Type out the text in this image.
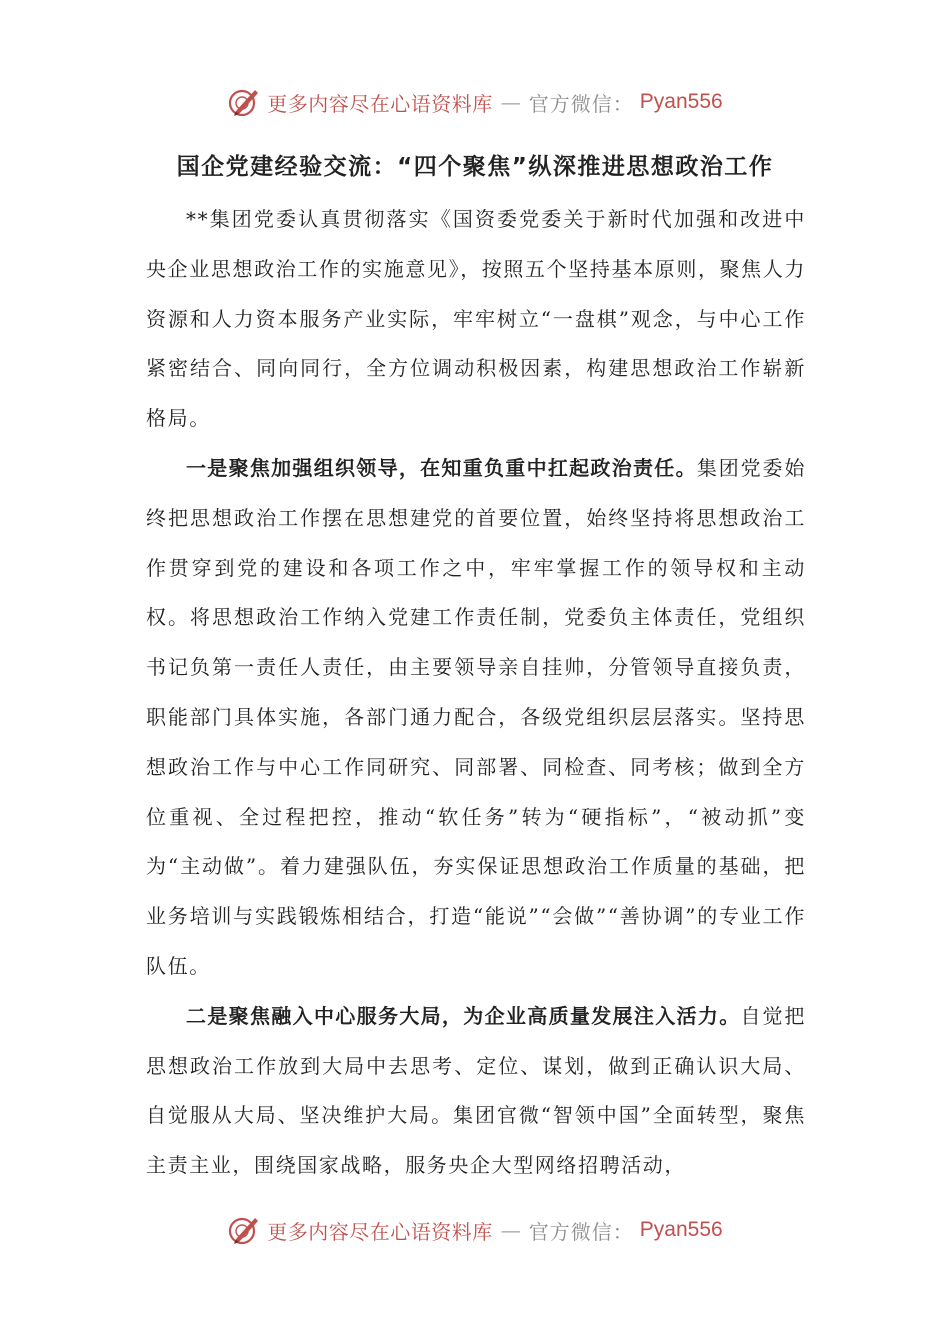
更多内容尽在心语资料库 — 官方微信： Pyan556
国企党建经验交流：“四个聚焦”纵深推进思想政治工作

**集团党委认真贯彻落实《国资委党委关于新时代加强和改进中央企业思想政治工作的实施意见》，按照五个坚持基本原则，聚焦人力资源和人力资本服务产业实际，牢牢树立“一盘棋”观念，与中心工作紧密结合、同向同行，全方位调动积极因素，构建思想政治工作崭新格局。

一是聚焦加强组织领导，在知重负重中扛起政治责任。集团党委始终把思想政治工作摆在思想建党的首要位置，始终坚持将思想政治工作贯穿到党的建设和各项工作之中，牢牢掌握工作的领导权和主动权。将思想政治工作纳入党建工作责任制，党委负主体责任，党组织书记负第一责任人责任，由主要领导亲自挂帅，分管领导直接负责，职能部门具体实施，各部门通力配合，各级党组织层层落实。坚持思想政治工作与中心工作同研究、同部署、同检查、同考核；做到全方位重视、全过程把控，推动“软任务”转为“硬指标”，“被动抓”变为“主动做”。着力建强队伍，夯实保证思想政治工作质量的基础，把业务培训与实践锻炼相结合，打造“能说”“会做”“善协调”的专业工作队伍。

二是聚焦融入中心服务大局，为企业高质量发展注入活力。自觉把思想政治工作放到大局中去思考、定位、谋划，做到正确认识大局、自觉服从大局、坚决维护大局。集团官微“智领中国”全面转型，聚焦主责主业，围绕国家战略，服务央企大型网络招聘活动，

更多内容尽在心语资料库 — 官方微信： Pyan556
